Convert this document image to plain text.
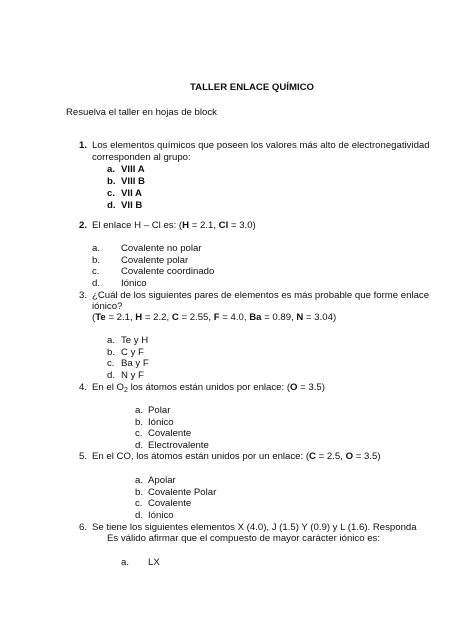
TALLER ENLACE QUÍMICO
Resuelva el taller en hojas de block
1. Los elementos químicos que poseen los valores más alto de electronegatividad
corresponden al grupo:
a. VIII A
b. VIII B
c. VII A
d. VII B
2. El enlace H – Cl es: (H = 2.1, Cl = 3.0)
a. Covalente no polar
b. Covalente polar
c. Covalente coordinado
d. Iónico
3. ¿Cuál de los siguientes pares de elementos es más probable que forme enlace
iónico?
(Te = 2.1, H = 2.2, C = 2.55, F = 4.0, Ba = 0.89, N = 3.04)
a. Te y H
b. C y F
c. Ba y F
d. N y F
4. En el $O_2$ los átomos están unidos por enlace: (O = 3.5)
a. Polar
b. Iónico
c. Covalente
d. Electrovalente
5. En el CO, los átomos están unidos por un enlace: (C = 2.5, O = 3.5)
a. Apolar
b. Covalente Polar
c. Covalente
d. Iónico
6. Se tiene los siguientes elementos X (4.0), J (1.5) Y (0.9) y L (1.6). Responda
Es válido afirmar que el compuesto de mayor carácter iónico es:
a. LX
